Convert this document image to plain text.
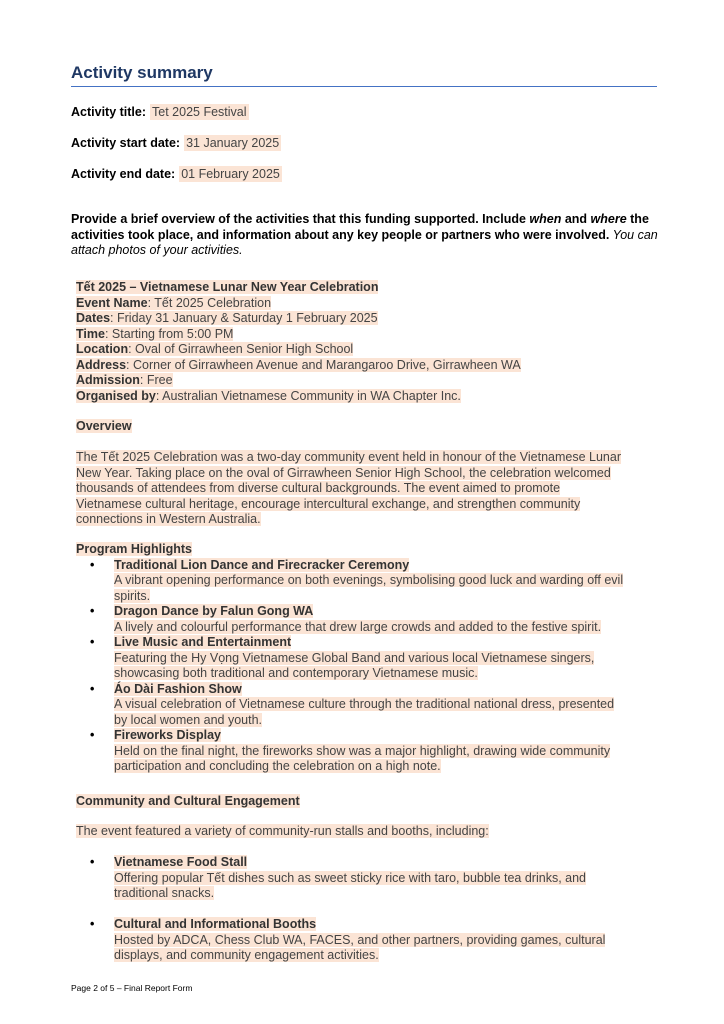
Activity summary
Activity title: Tet 2025 Festival
Activity start date: 31 January 2025
Activity end date: 01 February 2025
Provide a brief overview of the activities that this funding supported. Include when and where the activities took place, and information about any key people or partners who were involved. You can attach photos of your activities.
Tết 2025 – Vietnamese Lunar New Year Celebration
Event Name: Tết 2025 Celebration
Dates: Friday 31 January & Saturday 1 February 2025
Time: Starting from 5:00 PM
Location: Oval of Girrawheen Senior High School
Address: Corner of Girrawheen Avenue and Marangaroo Drive, Girrawheen WA
Admission: Free
Organised by: Australian Vietnamese Community in WA Chapter Inc.
Overview
The Tết 2025 Celebration was a two-day community event held in honour of the Vietnamese Lunar
New Year. Taking place on the oval of Girrawheen Senior High School, the celebration welcomed
thousands of attendees from diverse cultural backgrounds. The event aimed to promote
Vietnamese cultural heritage, encourage intercultural exchange, and strengthen community
connections in Western Australia.
Program Highlights
• Traditional Lion Dance and Firecracker Ceremony
A vibrant opening performance on both evenings, symbolising good luck and warding off evil
spirits.
• Dragon Dance by Falun Gong WA
A lively and colourful performance that drew large crowds and added to the festive spirit.
• Live Music and Entertainment
Featuring the Hy Vọng Vietnamese Global Band and various local Vietnamese singers,
showcasing both traditional and contemporary Vietnamese music.
• Áo Dài Fashion Show
A visual celebration of Vietnamese culture through the traditional national dress, presented
by local women and youth.
• Fireworks Display
Held on the final night, the fireworks show was a major highlight, drawing wide community
participation and concluding the celebration on a high note.
Community and Cultural Engagement
The event featured a variety of community-run stalls and booths, including:
• Vietnamese Food Stall
Offering popular Tết dishes such as sweet sticky rice with taro, bubble tea drinks, and
traditional snacks.
• Cultural and Informational Booths
Hosted by ADCA, Chess Club WA, FACES, and other partners, providing games, cultural
displays, and community engagement activities.
Page 2 of 5 – Final Report Form
